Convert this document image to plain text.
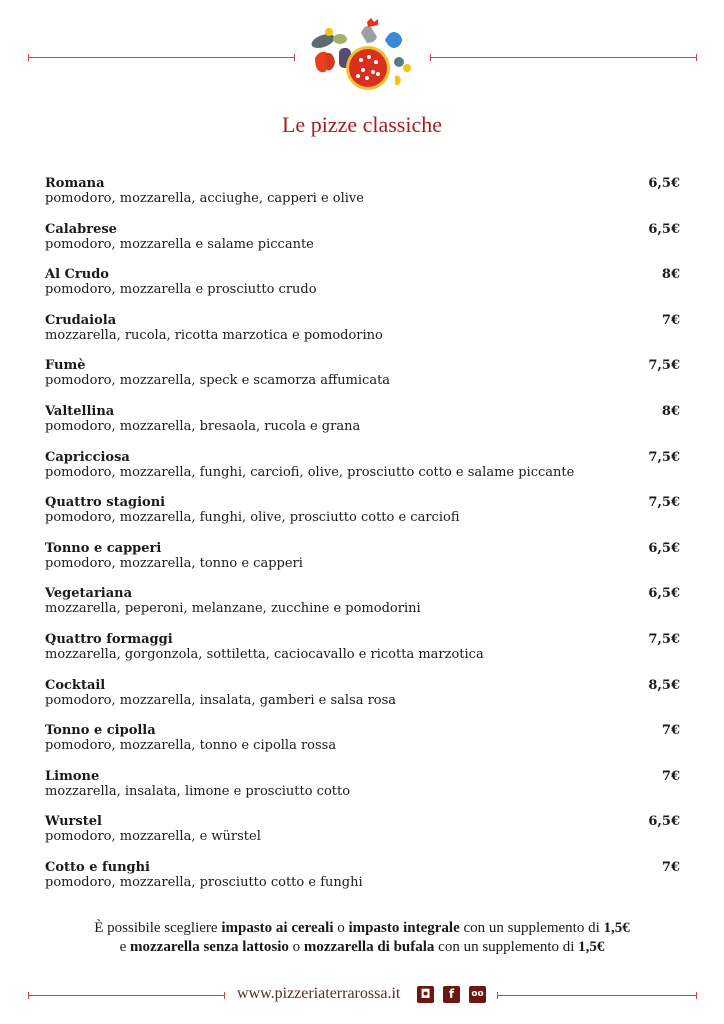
Le pizze classiche
Romana
pomodoro, mozzarella, acciughe, capperi e olive
6,5€
Calabrese
pomodoro, mozzarella e salame piccante
6,5€
Al Crudo
pomodoro, mozzarella e prosciutto crudo
8€
Crudaiola
mozzarella, rucola, ricotta marzotica e pomodorino
7€
Fumè
pomodoro, mozzarella, speck e scamorza affumicata
7,5€
Valtellina
pomodoro, mozzarella, bresaola, rucola e grana
8€
Capricciosa
pomodoro, mozzarella, funghi, carciofi, olive, prosciutto cotto e salame piccante
7,5€
Quattro stagioni
pomodoro, mozzarella, funghi, olive, prosciutto cotto e carciofi
7,5€
Tonno e capperi
pomodoro, mozzarella, tonno e capperi
6,5€
Vegetariana
mozzarella, peperoni, melanzane, zucchine e pomodorini
6,5€
Quattro formaggi
mozzarella, gorgonzola, sottiletta, caciocavallo e ricotta marzotica
7,5€
Cocktail
pomodoro, mozzarella, insalata, gamberi e salsa rosa
8,5€
Tonno e cipolla
pomodoro, mozzarella, tonno e cipolla rossa
7€
Limone
mozzarella, insalata, limone e prosciutto cotto
7€
Wurstel
pomodoro, mozzarella, e würstel
6,5€
Cotto e funghi
pomodoro, mozzarella, prosciutto cotto e funghi
7€
È possibile scegliere impasto ai cereali o impasto integrale con un supplemento di 1,5€
e mozzarella senza lattosio o mozzarella di bufala con un supplemento di 1,5€
www.pizzeriaterrarossa.it ◘	f	oo
